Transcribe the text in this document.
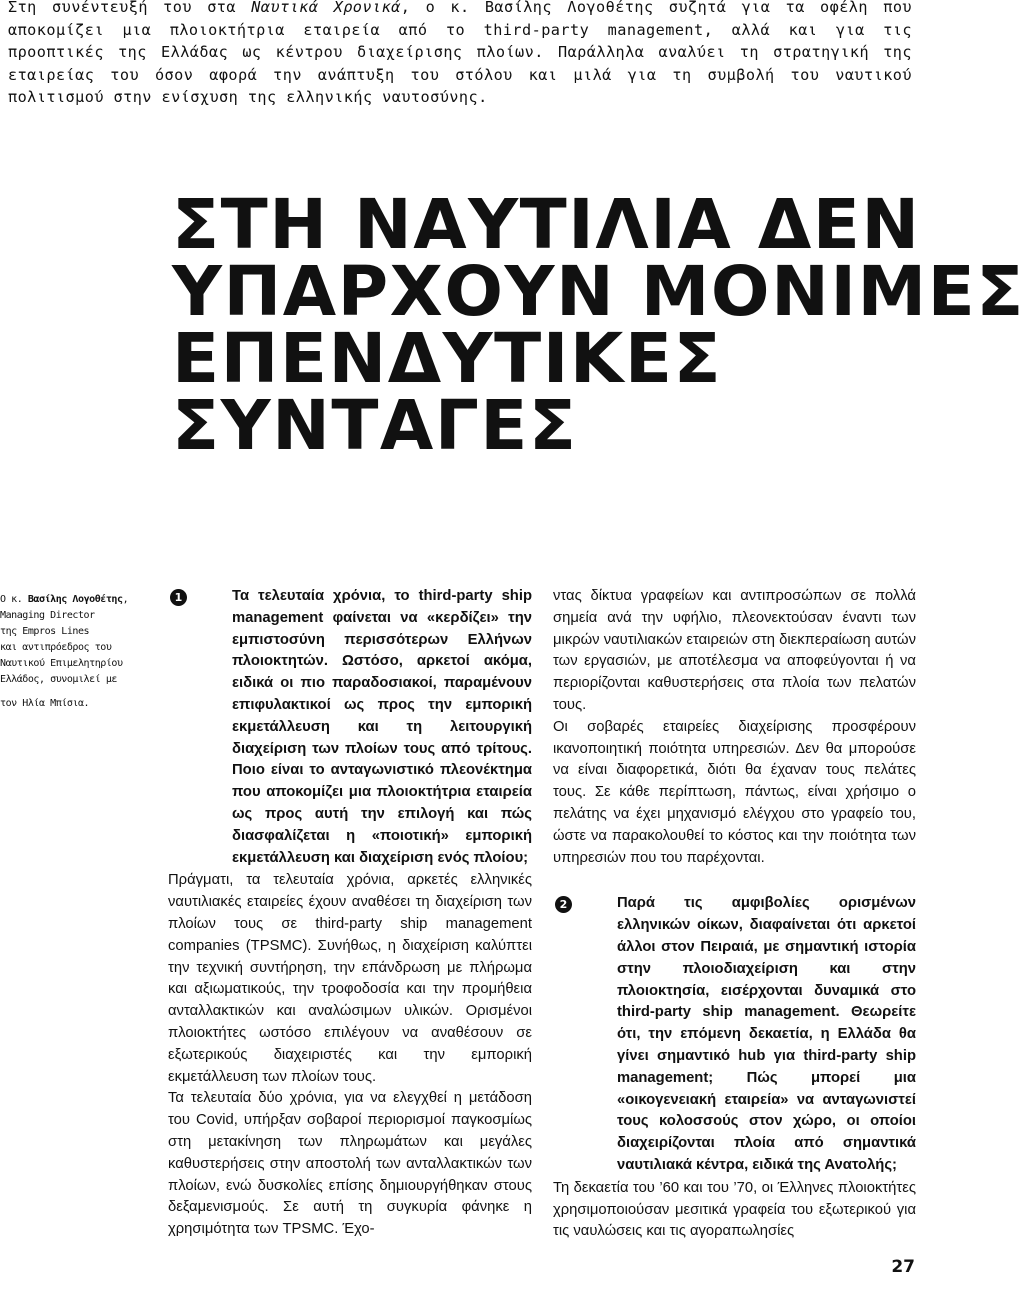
Στη συνέντευξή του στα Ναυτικά Χρονικά, ο κ. Βασίλης Λογοθέτης συζητά για τα οφέλη που αποκομίζει μια πλοιοκτήτρια εταιρεία από το third-party management, αλλά και για τις προοπτικές της Ελλάδας ως κέντρου διαχείρισης πλοίων. Παράλληλα αναλύει τη στρατηγική της εταιρείας του όσον αφορά την ανάπτυξη του στόλου και μιλά για τη συμβολή του ναυτικού πολιτισμού στην ενίσχυση της ελληνικής ναυτοσύνης.

ΣΤΗ ΝΑΥΤΙΛΙΑ ΔΕΝ
ΥΠΑΡΧΟΥΝ ΜΟΝΙΜΕΣ
ΕΠΕΝΔΥΤΙΚΕΣ
ΣΥΝΤΑΓΕΣ

Ο κ. Βασίλης Λογοθέτης,
Managing Director
της Empros Lines
και αντιπρόεδρος του
Ναυτικού Επιμελητηρίου
Ελλάδος, συνομιλεί με

τον Ηλία Μπίσια.

1	Τα τελευταία χρόνια, το third-party ship management φαίνεται να «κερδίζει» την εμπιστοσύνη περισσότερων Ελλήνων πλοιοκτητών. Ωστόσο, αρκετοί ακόμα, ειδικά οι πιο παραδοσιακοί, παραμένουν επιφυλακτικοί ως προς την εμπορική εκμετάλλευση και τη λειτουργική διαχείριση των πλοίων τους από τρίτους. Ποιο είναι το ανταγωνιστικό πλεονέκτημα που αποκομίζει μια πλοιοκτήτρια εταιρεία ως προς αυτή την επιλογή και πώς διασφαλίζεται η «ποιοτική» εμπορική εκμετάλλευση και διαχείριση ενός πλοίου;

Πράγματι, τα τελευταία χρόνια, αρκετές ελληνικές ναυτιλιακές εταιρείες έχουν αναθέσει τη διαχείριση των πλοίων τους σε third-party ship management companies (TPSMC). Συνήθως, η διαχείριση καλύπτει την τεχνική συντήρηση, την επάνδρωση με πλήρωμα και αξιωματικούς, την τροφοδοσία και την προμήθεια ανταλλακτικών και αναλώσιμων υλικών. Ορισμένοι πλοιοκτήτες ωστόσο επιλέγουν να αναθέσουν σε εξωτερικούς διαχειριστές και την εμπορική εκμετάλλευση των πλοίων τους.

Τα τελευταία δύο χρόνια, για να ελεγχθεί η μετάδοση του Covid, υπήρξαν σοβαροί περιορισμοί παγκοσμίως στη μετακίνηση των πληρωμάτων και μεγάλες καθυστερήσεις στην αποστολή των ανταλλακτικών των πλοίων, ενώ δυσκολίες επίσης δημιουργήθηκαν στους δεξαμενισμούς. Σε αυτή τη συγκυρία φάνηκε η χρησιμότητα των TPSMC. Έχο-

ντας δίκτυα γραφείων και αντιπροσώπων σε πολλά σημεία ανά την υφήλιο, πλεονεκτούσαν έναντι των μικρών ναυτιλιακών εταιρειών στη διεκπεραίωση αυτών των εργασιών, με αποτέλεσμα να αποφεύγονται ή να περιορίζονται καθυστερήσεις στα πλοία των πελατών τους.

Οι σοβαρές εταιρείες διαχείρισης προσφέρουν ικανοποιητική ποιότητα υπηρεσιών. Δεν θα μπορούσε να είναι διαφορετικά, διότι θα έχαναν τους πελάτες τους. Σε κάθε περίπτωση, πάντως, είναι χρήσιμο ο πελάτης να έχει μηχανισμό ελέγχου στο γραφείο του, ώστε να παρακολουθεί το κόστος και την ποιότητα των υπηρεσιών που του παρέχονται.

2	Παρά τις αμφιβολίες ορισμένων ελληνικών οίκων, διαφαίνεται ότι αρκετοί άλλοι στον Πειραιά, με σημαντική ιστορία στην πλοιοδιαχείριση και στην πλοιοκτησία, εισέρχονται δυναμικά στο third-party ship management. Θεωρείτε ότι, την επόμενη δεκαετία, η Ελλάδα θα γίνει σημαντικό hub για third-party ship management; Πώς μπορεί μια «οικογενειακή εταιρεία» να ανταγωνιστεί τους κολοσσούς στον χώρο, οι οποίοι διαχειρίζονται πλοία από σημαντικά ναυτιλιακά κέντρα, ειδικά της Ανατολής;

Τη δεκαετία του ’60 και του ’70, οι Έλληνες πλοιοκτήτες χρησιμοποιούσαν μεσιτικά γραφεία του εξωτερικού για τις ναυλώσεις και τις αγοραπωλησίες

27
